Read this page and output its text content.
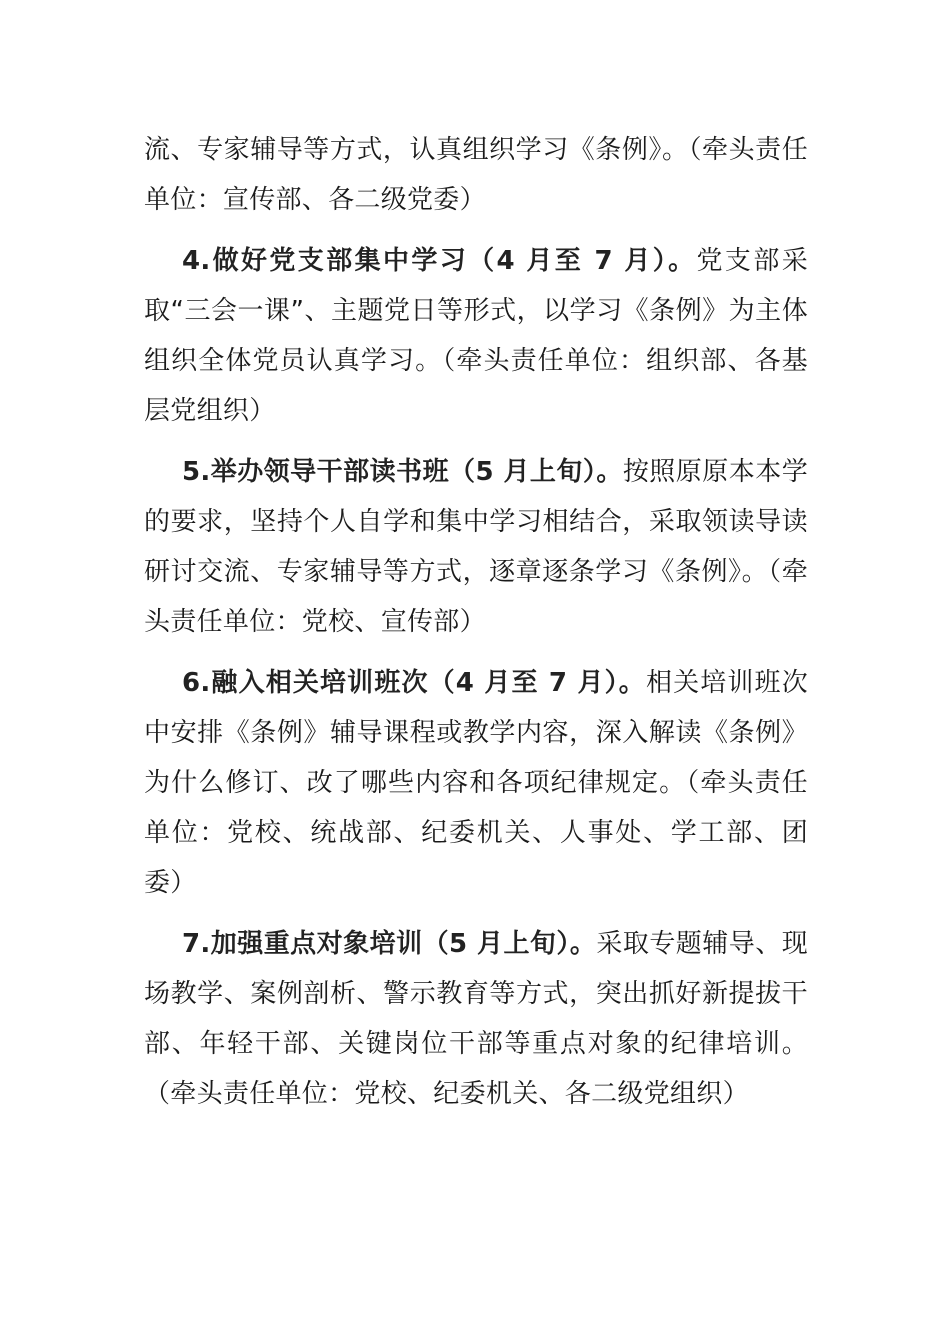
流、专家辅导等方式，认真组织学习《条例》。（牵头责任单位：宣传部、各二级党委）

4.做好党支部集中学习（4 月至 7 月）。党支部采取“三会一课”、主题党日等形式，以学习《条例》为主体组织全体党员认真学习。（牵头责任单位：组织部、各基层党组织）

5.举办领导干部读书班（5 月上旬）。按照原原本本学的要求，坚持个人自学和集中学习相结合，采取领读导读研讨交流、专家辅导等方式，逐章逐条学习《条例》。（牵头责任单位：党校、宣传部）

6.融入相关培训班次（4 月至 7 月）。相关培训班次中安排《条例》辅导课程或教学内容，深入解读《条例》为什么修订、改了哪些内容和各项纪律规定。（牵头责任单位：党校、统战部、纪委机关、人事处、学工部、团委）

7.加强重点对象培训（5 月上旬）。采取专题辅导、现场教学、案例剖析、警示教育等方式，突出抓好新提拔干部、年轻干部、关键岗位干部等重点对象的纪律培训。（牵头责任单位：党校、纪委机关、各二级党组织）
